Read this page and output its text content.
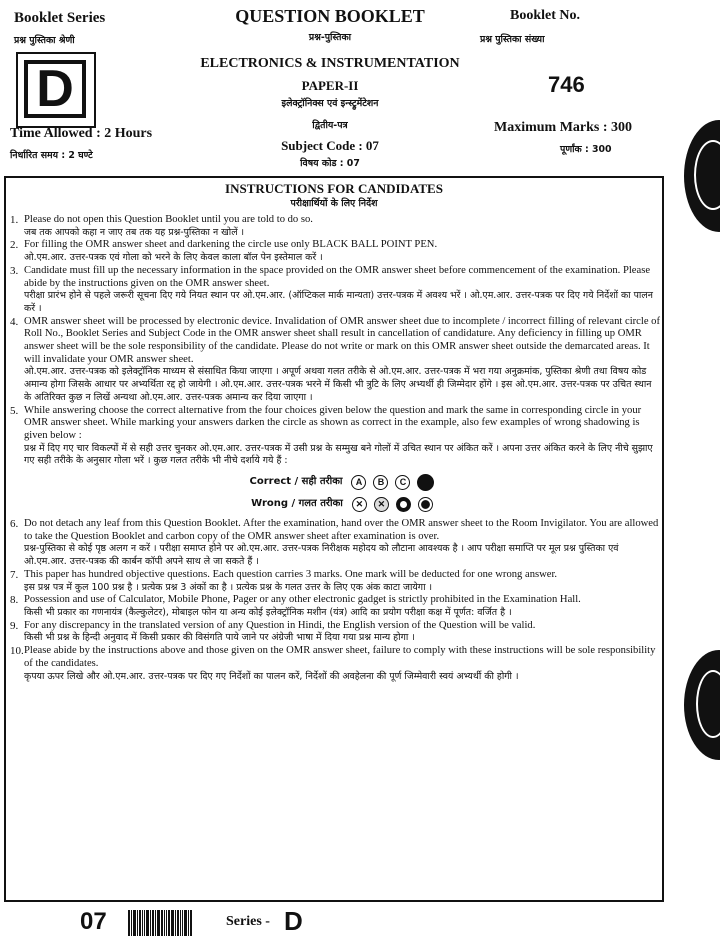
Booklet Series
प्रश्न पुस्तिका श्रेणी
D
Time Allowed : 2 Hours
निर्धारित समय : 2 घण्टे
QUESTION BOOKLET
प्रश्न-पुस्तिका
ELECTRONICS & INSTRUMENTATION
PAPER-II
इलेक्ट्रॉनिक्स एवं इन्स्ट्रुमेंटेशन
द्वितीय-पत्र
Subject Code : 07
विषय कोड : 07
Booklet No.
प्रश्न पुस्तिका संख्या
746
Maximum Marks : 300
पूर्णांक : 300
INSTRUCTIONS FOR CANDIDATES
परीक्षार्थियों के लिए निर्देश
1. Please do not open this Question Booklet until you are told to do so.
जब तक आपको कहा न जाए तब तक यह प्रश्न-पुस्तिका न खोलें ।
2. For filling the OMR answer sheet and darkening the circle use only BLACK BALL POINT PEN.
ओ.एम.आर. उत्तर-पत्रक एवं गोला को भरने के लिए केवल काला बॉल पेन इस्तेमाल करें ।
3. Candidate must fill up the necessary information in the space provided on the OMR answer sheet before commencement of the examination. Please abide by the instructions given on the OMR answer sheet.
परीक्षा प्रारंभ होने से पहले जरूरी सूचना दिए गये नियत स्थान पर ओ.एम.आर. (ऑप्टिकल मार्क मान्यता) उत्तर-पत्रक में अवश्य भरें । ओ.एम.आर. उत्तर-पत्रक पर दिए गये निर्देशों का पालन करें ।
4. OMR answer sheet will be processed by electronic device. Invalidation of OMR answer sheet due to incomplete / incorrect filling of relevant circle of Roll No., Booklet Series and Subject Code in the OMR answer sheet shall result in cancellation of candidature. Any deficiency in filling up OMR answer sheet will be the sole responsibility of the candidate. Please do not write or mark on this OMR answer sheet outside the demarcated areas. It will invalidate your OMR answer sheet.
ओ.एम.आर. उत्तर-पत्रक को इलेक्ट्रॉनिक माध्यम से संसाधित किया जाएगा । अपूर्ण अथवा गलत तरीके से ओ.एम.आर. उत्तर-पत्रक में भरा गया अनुक्रमांक, पुस्तिका श्रेणी तथा विषय कोड अमान्य होगा जिसके आधार पर अभ्यर्थिता रद्द हो जायेगी । ओ.एम.आर. उत्तर-पत्रक भरने में किसी भी त्रुटि के लिए अभ्यर्थी ही जिम्मेदार होंगे । इस ओ.एम.आर. उत्तर-पत्रक पर उचित स्थान के अतिरिक्त कुछ न लिखें अन्यथा ओ.एम.आर. उत्तर-पत्रक अमान्य कर दिया जाएगा ।
5. While answering choose the correct alternative from the four choices given below the question and mark the same in corresponding circle in your OMR answer sheet. While marking your answers darken the circle as shown as correct in the example, also few examples of wrong shadowing is given below :
प्रश्न में दिए गए चार विकल्पों में से सही उत्तर चुनकर ओ.एम.आर. उत्तर-पत्रक में उसी प्रश्न के सम्मुख बने गोलों में उचित स्थान पर अंकित करें । अपना उत्तर अंकित करने के लिए नीचे सुझाए गए सही तरीके के अनुसार गोला भरें । कुछ गलत तरीके भी नीचे दर्शाये गये हैं :
Correct / सही तरीका	A	B	C
Wrong / गलत तरीका
✕
✕
6. Do not detach any leaf from this Question Booklet. After the examination, hand over the OMR answer sheet to the Room Invigilator. You are allowed to take the Question Booklet and carbon copy of the OMR answer sheet after examination is over.
प्रश्न-पुस्तिका से कोई पृष्ठ अलग न करें । परीक्षा समाप्त होने पर ओ.एम.आर. उत्तर-पत्रक निरीक्षक महोदय को लौटाना आवश्यक है । आप परीक्षा समाप्ति पर मूल प्रश्न पुस्तिका एवं ओ.एम.आर. उत्तर-पत्रक की कार्बन कॉपी अपने साथ ले जा सकते हैं ।
7. This paper has hundred objective questions. Each question carries 3 marks. One mark will be deducted for one wrong answer.
इस प्रश्न पत्र में कुल 100 प्रश्न है । प्रत्येक प्रश्न 3 अंकों का है । प्रत्येक प्रश्न के गलत उत्तर के लिए एक अंक काटा जायेगा ।
8. Possession and use of Calculator, Mobile Phone, Pager or any other electronic gadget is strictly prohibited in the Examination Hall.
किसी भी प्रकार का गणनायंत्र (कैल्कुलेटर), मोबाइल फोन या अन्य कोई इलेक्ट्रॉनिक मशीन (यंत्र) आदि का प्रयोग परीक्षा कक्ष में पूर्णत: वर्जित है ।
9. For any discrepancy in the translated version of any Question in Hindi, the English version of the Question will be valid.
किसी भी प्रश्न के हिन्दी अनुवाद में किसी प्रकार की विसंगति पाये जाने पर अंग्रेजी भाषा में दिया गया प्रश्न मान्य होगा ।
10. Please abide by the instructions above and those given on the OMR answer sheet, failure to comply with these instructions will be sole responsibility of the candidates.
कृपया ऊपर लिखे और ओ.एम.आर. उत्तर-पत्रक पर दिए गए निर्देशों का पालन करें, निर्देशों की अवहेलना की पूर्ण जिम्मेवारी स्वयं अभ्यर्थी की होगी ।
07	Series - D
